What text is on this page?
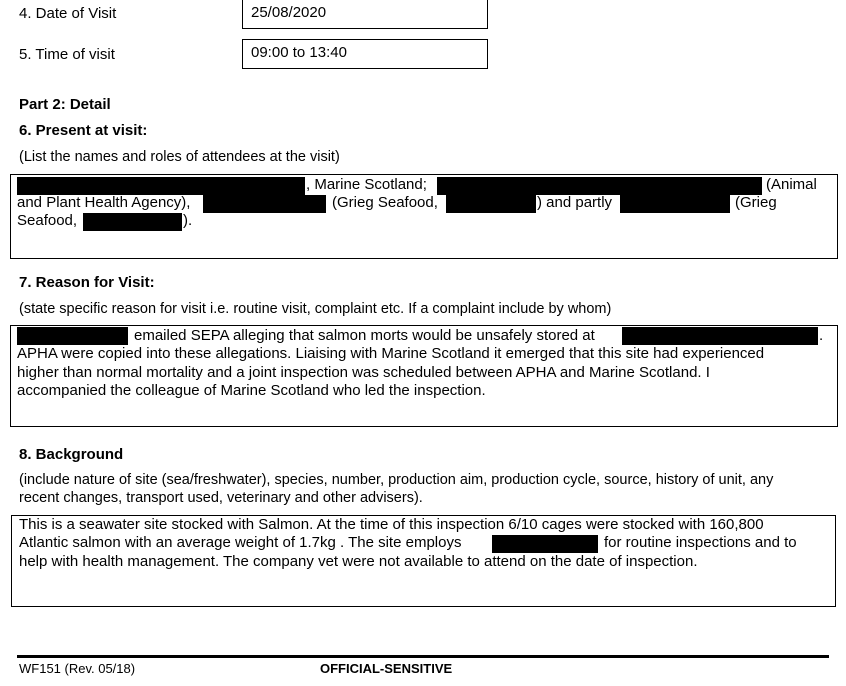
4. Date of Visit	25/08/2020
5. Time of visit	09:00 to 13:40
Part 2: Detail
6. Present at visit:
(List the names and roles of attendees at the visit)
, Marine Scotland;	(Animal
and Plant Health Agency),	(Grieg Seafood,	) and partly	(Grieg
Seafood,	).
7. Reason for Visit:
(state specific reason for visit i.e. routine visit, complaint etc. If a complaint include by whom)
emailed SEPA alleging that salmon morts would be unsafely stored at	.
APHA were copied into these allegations. Liaising with Marine Scotland it emerged that this site had experienced
higher than normal mortality and a joint inspection was scheduled between APHA and Marine Scotland. I
accompanied the colleague of Marine Scotland who led the inspection.
8. Background
(include nature of site (sea/freshwater), species, number, production aim, production cycle, source, history of unit, any
recent changes, transport used, veterinary and other advisers).
This is a seawater site stocked with Salmon. At the time of this inspection 6/10 cages were stocked with 160,800
Atlantic salmon with an average weight of 1.7kg . The site employs	for routine inspections and to
help with health management. The company vet were not available to attend on the date of inspection.
WF151 (Rev. 05/18)	OFFICIAL-SENSITIVE
